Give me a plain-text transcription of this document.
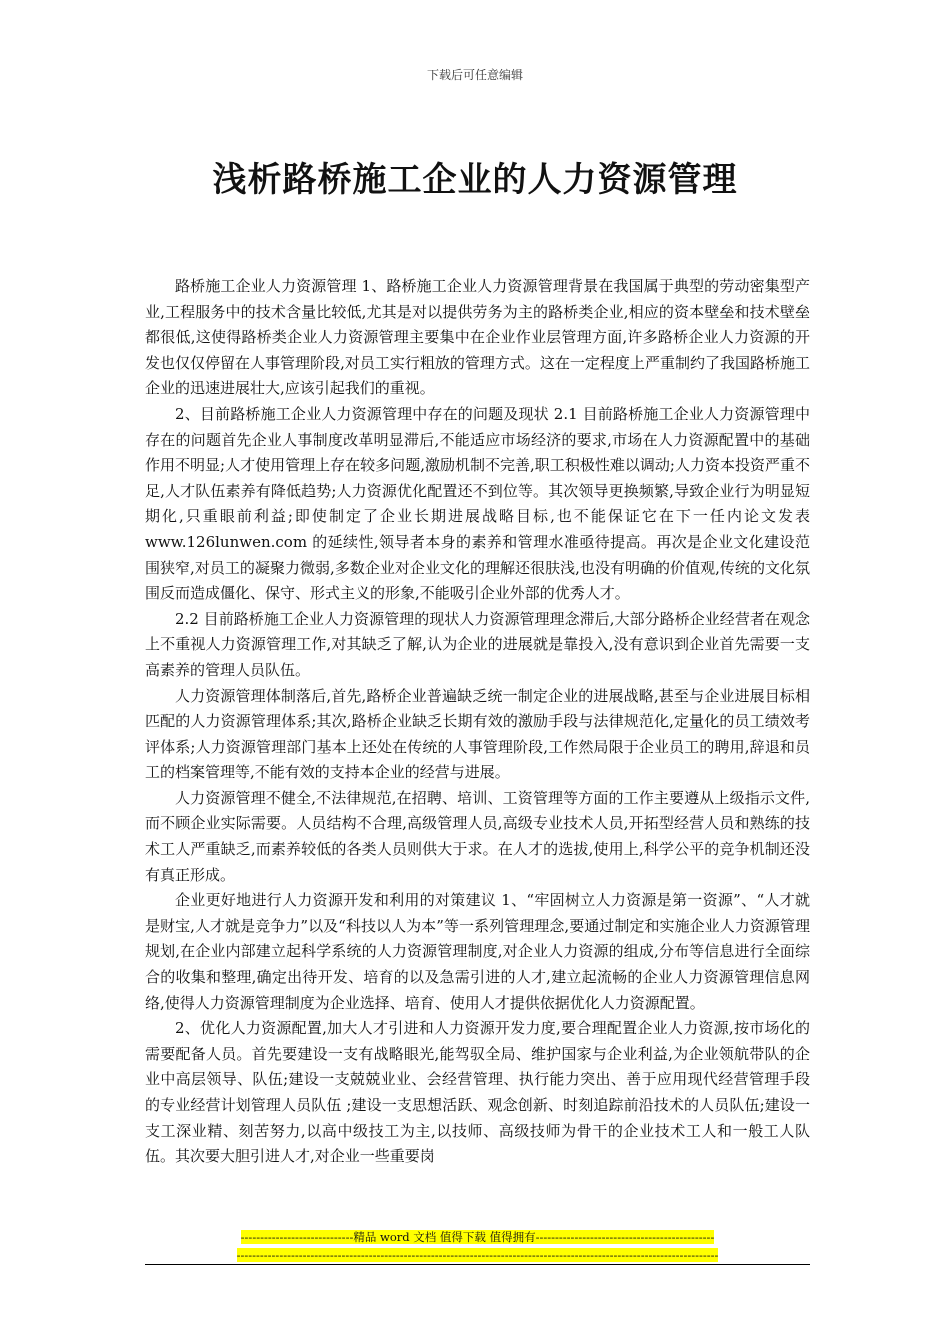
下载后可任意编辑
浅析路桥施工企业的人力资源管理

路桥施工企业人力资源管理 1、路桥施工企业人力资源管理背景在我国属于典型的劳动密集型产业,工程服务中的技术含量比较低,尤其是对以提供劳务为主的路桥类企业,相应的资本壁垒和技术壁垒都很低,这使得路桥类企业人力资源管理主要集中在企业作业层管理方面,许多路桥企业人力资源的开发也仅仅停留在人事管理阶段,对员工实行粗放的管理方式。这在一定程度上严重制约了我国路桥施工企业的迅速进展壮大,应该引起我们的重视。

2、目前路桥施工企业人力资源管理中存在的问题及现状 2.1 目前路桥施工企业人力资源管理中存在的问题首先企业人事制度改革明显滞后,不能适应市场经济的要求,市场在人力资源配置中的基础作用不明显;人才使用管理上存在较多问题,激励机制不完善,职工积极性难以调动;人力资本投资严重不足,人才队伍素养有降低趋势;人力资源优化配置还不到位等。其次领导更换频繁,导致企业行为明显短期化,只重眼前利益;即使制定了企业长期进展战略目标,也不能保证它在下一任内论文发表 www.126lunwen.com 的延续性,领导者本身的素养和管理水准亟待提高。再次是企业文化建设范围狭窄,对员工的凝聚力微弱,多数企业对企业文化的理解还很肤浅,也没有明确的价值观,传统的文化氛围反而造成僵化、保守、形式主义的形象,不能吸引企业外部的优秀人才。

2.2 目前路桥施工企业人力资源管理的现状人力资源管理理念滞后,大部分路桥企业经营者在观念上不重视人力资源管理工作,对其缺乏了解,认为企业的进展就是靠投入,没有意识到企业首先需要一支高素养的管理人员队伍。

人力资源管理体制落后,首先,路桥企业普遍缺乏统一制定企业的进展战略,甚至与企业进展目标相匹配的人力资源管理体系;其次,路桥企业缺乏长期有效的激励手段与法律规范化,定量化的员工绩效考评体系;人力资源管理部门基本上还处在传统的人事管理阶段,工作然局限于企业员工的聘用,辞退和员工的档案管理等,不能有效的支持本企业的经营与进展。

人力资源管理不健全,不法律规范,在招聘、培训、工资管理等方面的工作主要遵从上级指示文件,而不顾企业实际需要。人员结构不合理,高级管理人员,高级专业技术人员,开拓型经营人员和熟练的技术工人严重缺乏,而素养较低的各类人员则供大于求。在人才的选拔,使用上,科学公平的竞争机制还没有真正形成。

企业更好地进行人力资源开发和利用的对策建议 1、“牢固树立人力资源是第一资源”、“人才就是财宝,人才就是竞争力”以及“科技以人为本”等一系列管理理念,要通过制定和实施企业人力资源管理规划,在企业内部建立起科学系统的人力资源管理制度,对企业人力资源的组成,分布等信息进行全面综合的收集和整理,确定出待开发、培育的以及急需引进的人才,建立起流畅的企业人力资源管理信息网络,使得人力资源管理制度为企业选择、培育、使用人才提供依据优化人力资源配置。

2、优化人力资源配置,加大人才引进和人力资源开发力度,要合理配置企业人力资源,按市场化的需要配备人员。首先要建设一支有战略眼光,能驾驭全局、维护国家与企业利益,为企业领航带队的企业中高层领导、队伍;建设一支兢兢业业、会经营管理、执行能力突出、善于应用现代经营管理手段的专业经营计划管理人员队伍 ;建设一支思想活跃、观念创新、时刻追踪前沿技术的人员队伍;建设一支工深业精、刻苦努力,以高中级技工为主,以技师、高级技师为骨干的企业技术工人和一般工人队伍。其次要大胆引进人才,对企业一些重要岗

-----------------------------精品 word 文档 值得下载 值得拥有----------------------------------------------
----------------------------------------------------------------------------------------------------------------------------
